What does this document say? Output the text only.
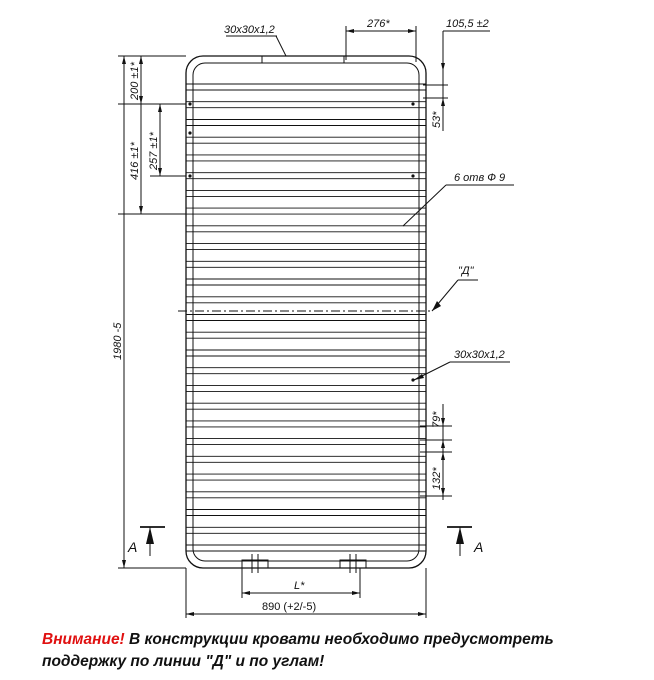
"Д"
30x30x1,2	276*	105,5 ±2
53*
200 ±1*
257 ±1*
416 ±1*
1980 -5
6 отв Ф 9
30x30x1,2
79*
132*
A	A
L*
890 (+2/-5)
Внимание! В конструкции кровати необходимо предусмотреть поддержку по линии "Д" и по углам!
